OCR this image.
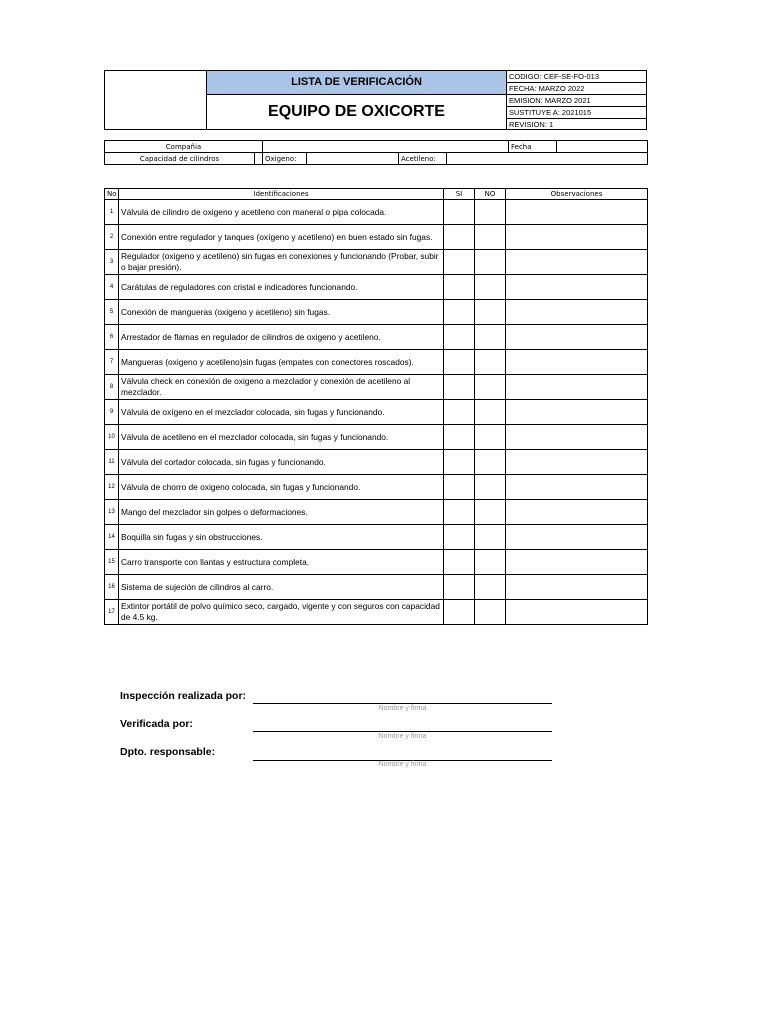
LISTA DE VERIFICACIÓN
EQUIPO DE OXICORTE
CODIGO: CEF-SE-FO-013
FECHA: MARZO 2022
EMISION: MARZO 2021
SUSTITUYE A: 2021015
REVISION: 1
Compañia						Fecha	
Capacidad de cilindros		Oxigeno:		Acetileno:			
No	Identificaciones	SI	NO	Observaciones
1	Válvula de cilindro de oxigeno y acetileno con maneral o pipa colocada.			
2	Conexión entre regulador y tanques (oxígeno y acetileno) en buen estado sin fugas.			
3	Regulador (oxigeno y acetileno) sin fugas en conexiones y funcionando (Probar, subir o bajar presión).			
4	Carátulas de reguladores con cristal e indicadores funcionando.			
5	Conexión de mangueras (oxigeno y acetileno) sin fugas.			
6	Arrestador de flamas en regulador de cilindros de oxigeno y acetileno.			
7	Mangueras (oxigeno y acetileno)sin fugas (empates con conectores roscados).			
8	Válvula check en conexión de oxigeno a mezclador y conexión de acetileno al mezclador.			
9	Válvula de oxígeno en el mezclador colocada, sin fugas y funcionando.			
10	Válvula de acetileno en el mezclador colocada, sin fugas y funcionando.			
11	Válvula del cortador colocada, sin fugas y funcionando.			
12	Válvula de chorro de oxigeno colocada, sin fugas y funcionando.			
13	Mango del mezclador sin golpes o deformaciones.			
14	Boquilla sin fugas y sin obstrucciones.			
15	Carro transporte con llantas y estructura completa.			
16	Sistema de sujeción de cilindros al carro.			
17	Extintor portátil de polvo químico seco, cargado, vigente y con seguros con capacidad de 4.5 kg.			
Inspección realizada por:
Nombre y firma
Verificada por:
Nombre y firma
Dpto. responsable:
Nombre y firma
